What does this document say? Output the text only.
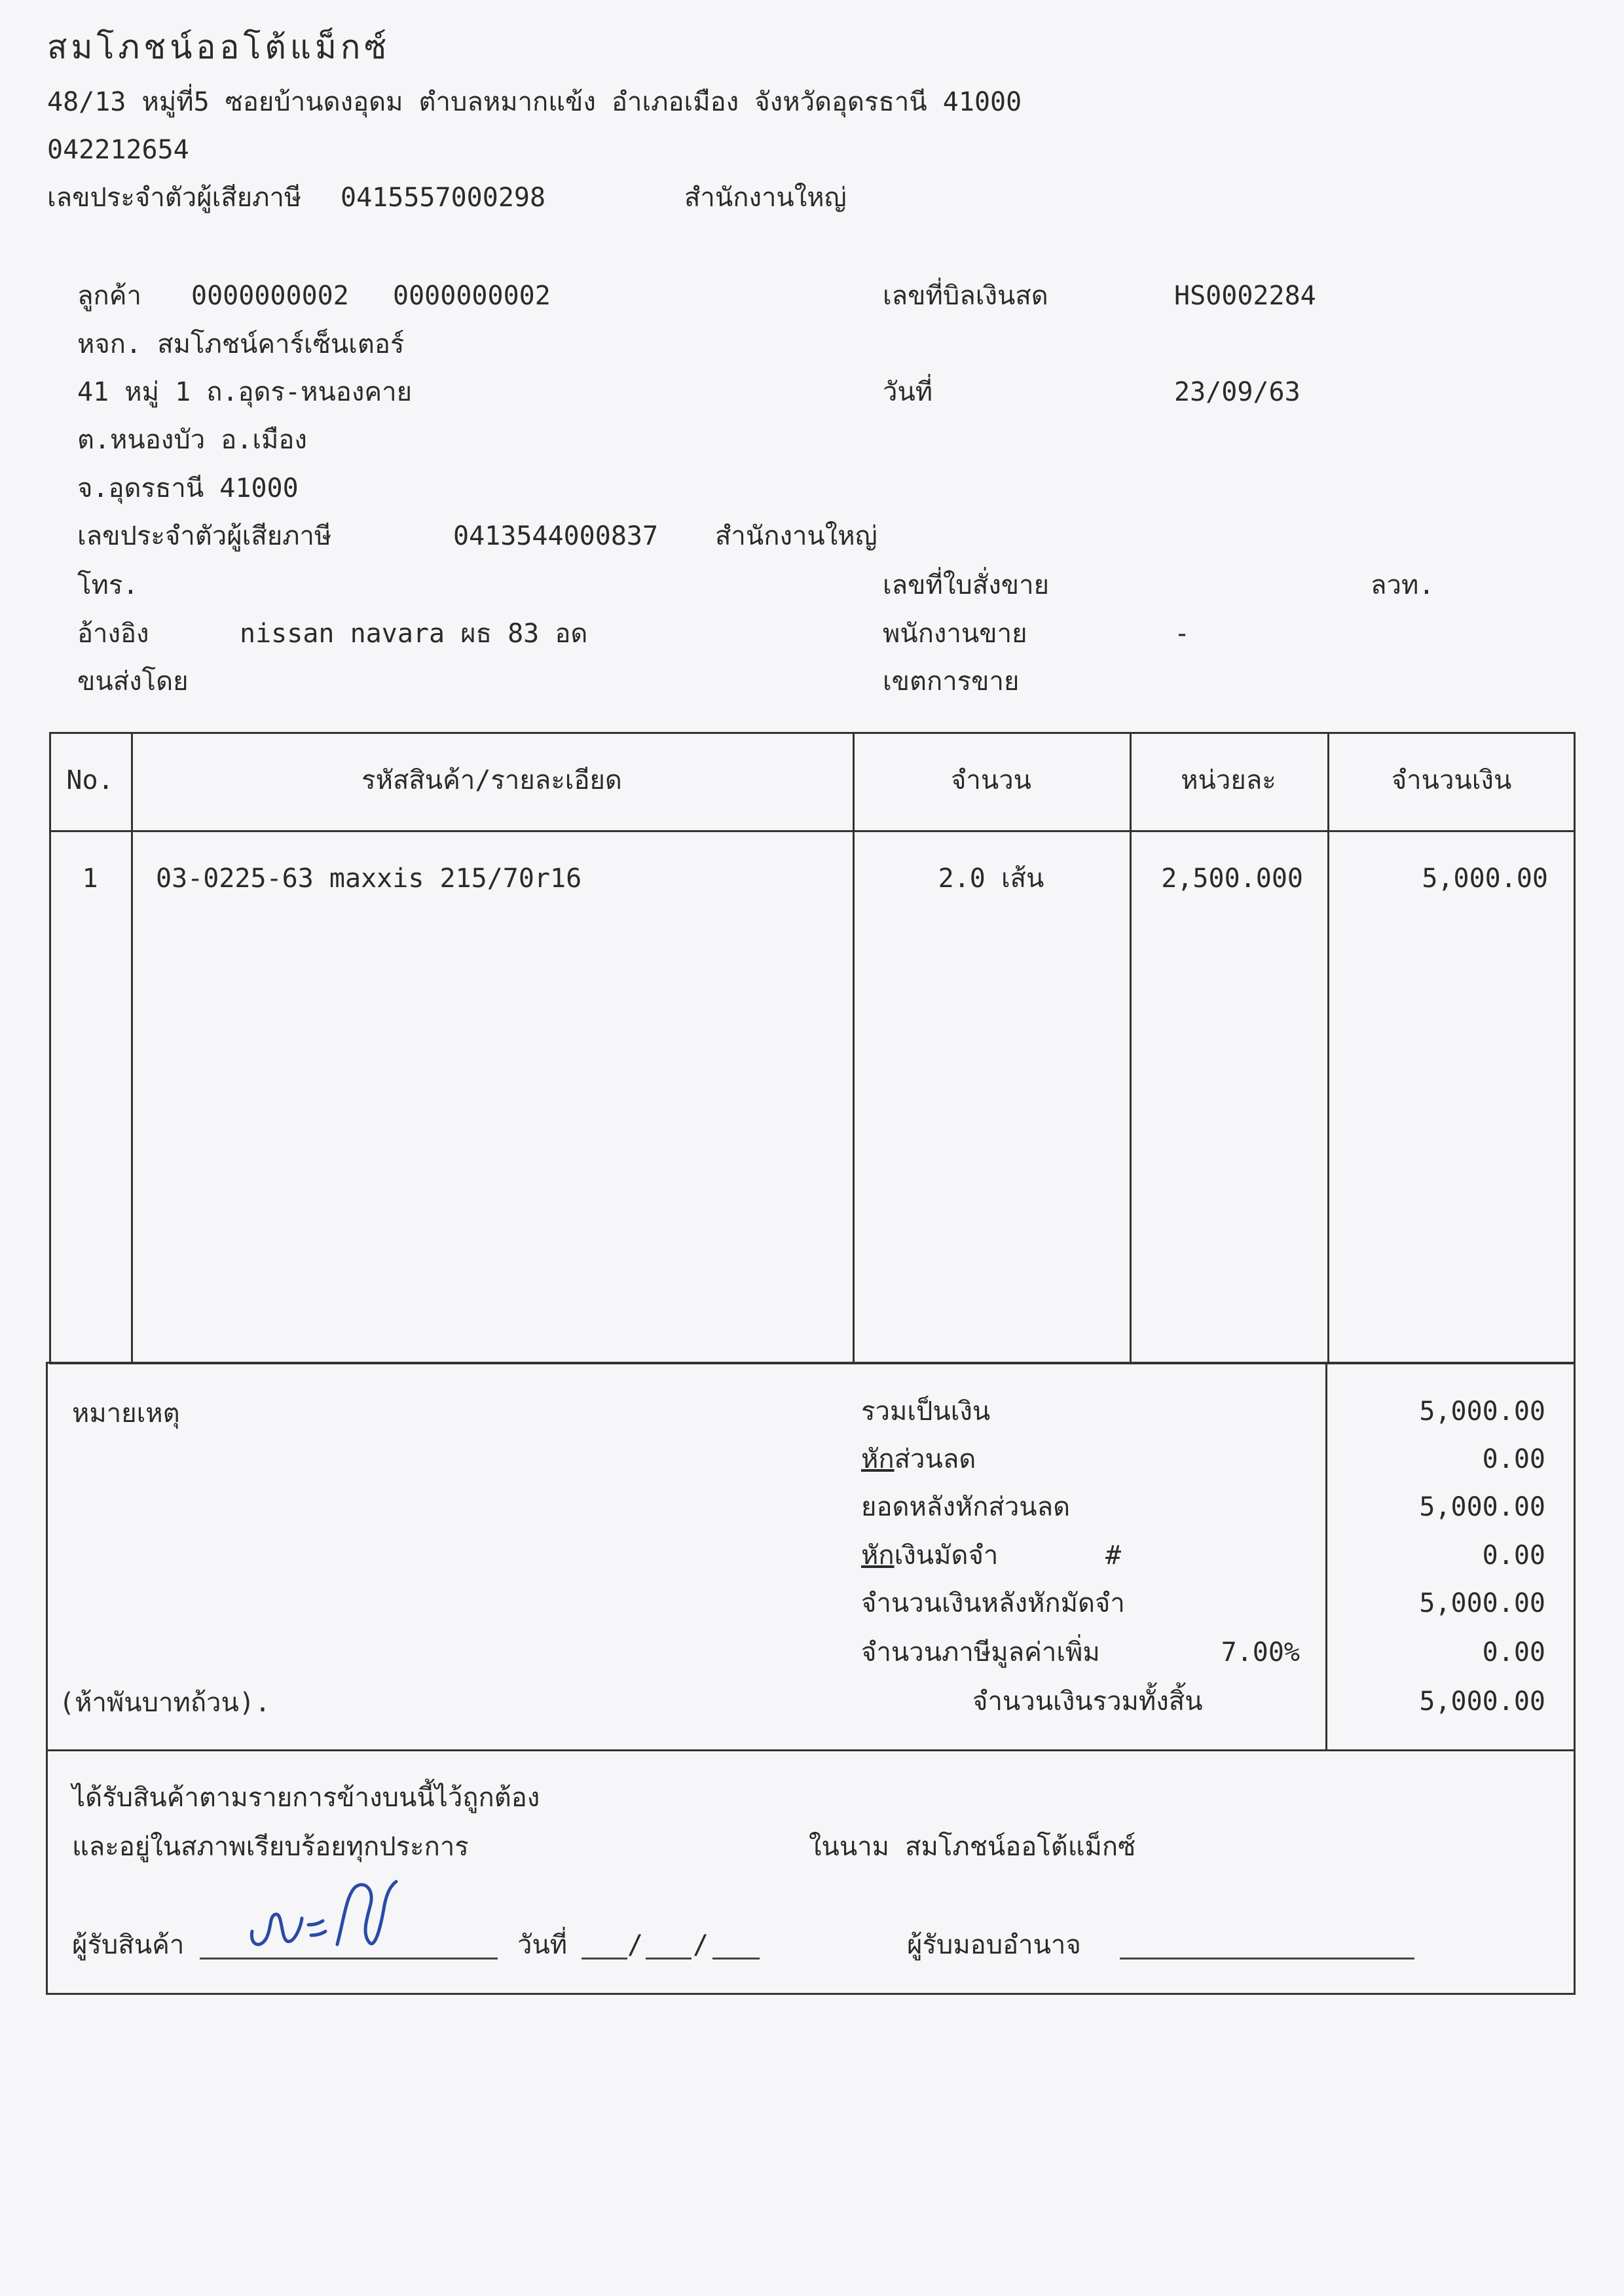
สมโภชน์ออโต้แม็กซ์
48/13 หมู่ที่5 ซอยบ้านดงอุดม ตำบลหมากแข้ง อำเภอเมือง จังหวัดอุดรธานี 41000
042212654
เลขประจำตัวผู้เสียภาษี 0415557000298	สำนักงานใหญ่
ลูกค้า 0000000002 0000000002
หจก. สมโภชน์คาร์เซ็นเตอร์
41 หมู่ 1 ถ.อุดร-หนองคาย
ต.หนองบัว อ.เมือง
จ.อุดรธานี 41000
เลขประจำตัวผู้เสียภาษี	0413544000837 สำนักงานใหญ่
โทร.
อ้างอิง	nissan navara ผธ 83 อด
ขนส่งโดย
เลขที่บิลเงินสด	HS0002284
วันที่	23/09/63
เลขที่ใบสั่งขาย	ลวท.
พนักงานขาย	-
เขตการขาย
No.	รหัสสินค้า/รายละเอียด	จำนวน	หน่วยละ	จำนวนเงิน
1	03-0225-63 maxxis 215/70r16	2.0 เส้น	2,500.000	5,000.00
หมายเหตุ
(ห้าพันบาทถ้วน).
รวมเป็นเงิน	5,000.00
หักส่วนลด	0.00
ยอดหลังหักส่วนลด	5,000.00
หักเงินมัดจำ	#	0.00
จำนวนเงินหลังหักมัดจำ	5,000.00
จำนวนภาษีมูลค่าเพิ่ม	7.00%	0.00
จำนวนเงินรวมทั้งสิ้น	5,000.00
ได้รับสินค้าตามรายการข้างบนนี้ไว้ถูกต้อง
และอยู่ในสภาพเรียบร้อยทุกประการ	ในนาม สมโภชน์ออโต้แม็กซ์
ผู้รับสินค้า	วันที่ / /	ผู้รับมอบอำนาจ
